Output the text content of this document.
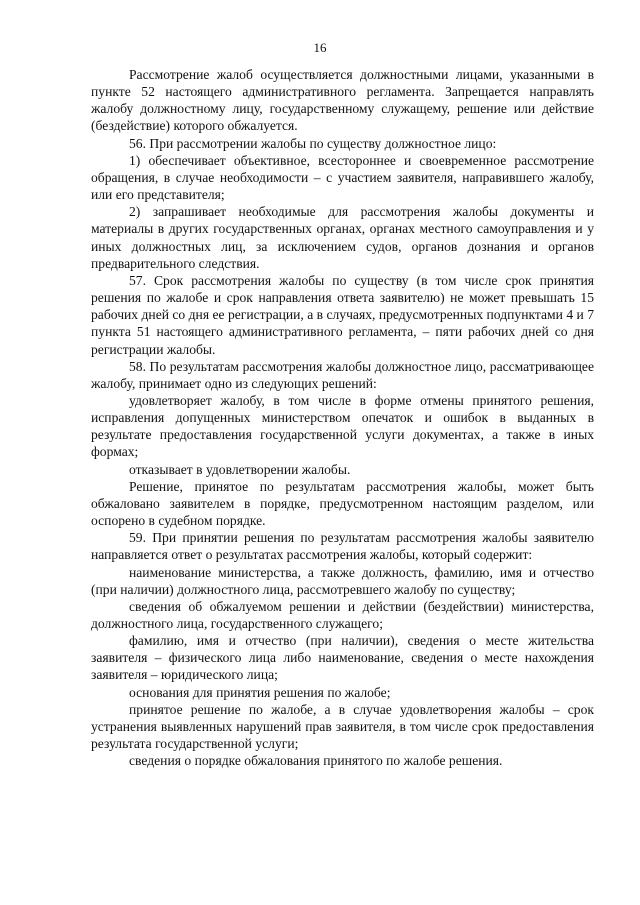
16

Рассмотрение жалоб осуществляется должностными лицами, указанными в пункте 52 настоящего административного регламента. Запрещается направлять жалобу должностному лицу, государственному служащему, решение или действие (бездействие) которого обжалуется.

56. При рассмотрении жалобы по существу должностное лицо:

1) обеспечивает объективное, всестороннее и своевременное рассмотрение обращения, в случае необходимости – с участием заявителя, направившего жалобу, или его представителя;

2) запрашивает необходимые для рассмотрения жалобы документы и материалы в других государственных органах, органах местного самоуправления и у иных должностных лиц, за исключением судов, органов дознания и органов предварительного следствия.

57. Срок рассмотрения жалобы по существу (в том числе срок принятия решения по жалобе и срок направления ответа заявителю) не может превышать 15 рабочих дней со дня ее регистрации, а в случаях, предусмотренных подпунктами 4 и 7 пункта 51 настоящего административного регламента, – пяти рабочих дней со дня регистрации жалобы.

58. По результатам рассмотрения жалобы должностное лицо, рассматривающее жалобу, принимает одно из следующих решений:

удовлетворяет жалобу, в том числе в форме отмены принятого решения, исправления допущенных министерством опечаток и ошибок в выданных в результате предоставления государственной услуги документах, а также в иных формах;

отказывает в удовлетворении жалобы.

Решение, принятое по результатам рассмотрения жалобы, может быть обжаловано заявителем в порядке, предусмотренном настоящим разделом, или оспорено в судебном порядке.

59. При принятии решения по результатам рассмотрения жалобы заявителю направляется ответ о результатах рассмотрения жалобы, который содержит:

наименование министерства, а также должность, фамилию, имя и отчество (при наличии) должностного лица, рассмотревшего жалобу по существу;

сведения об обжалуемом решении и действии (бездействии) министерства, должностного лица, государственного служащего;

фамилию, имя и отчество (при наличии), сведения о месте жительства заявителя – физического лица либо наименование, сведения о месте нахождения заявителя – юридического лица;

основания для принятия решения по жалобе;

принятое решение по жалобе, а в случае удовлетворения жалобы – срок устранения выявленных нарушений прав заявителя, в том числе срок предоставления результата государственной услуги;

сведения о порядке обжалования принятого по жалобе решения.
